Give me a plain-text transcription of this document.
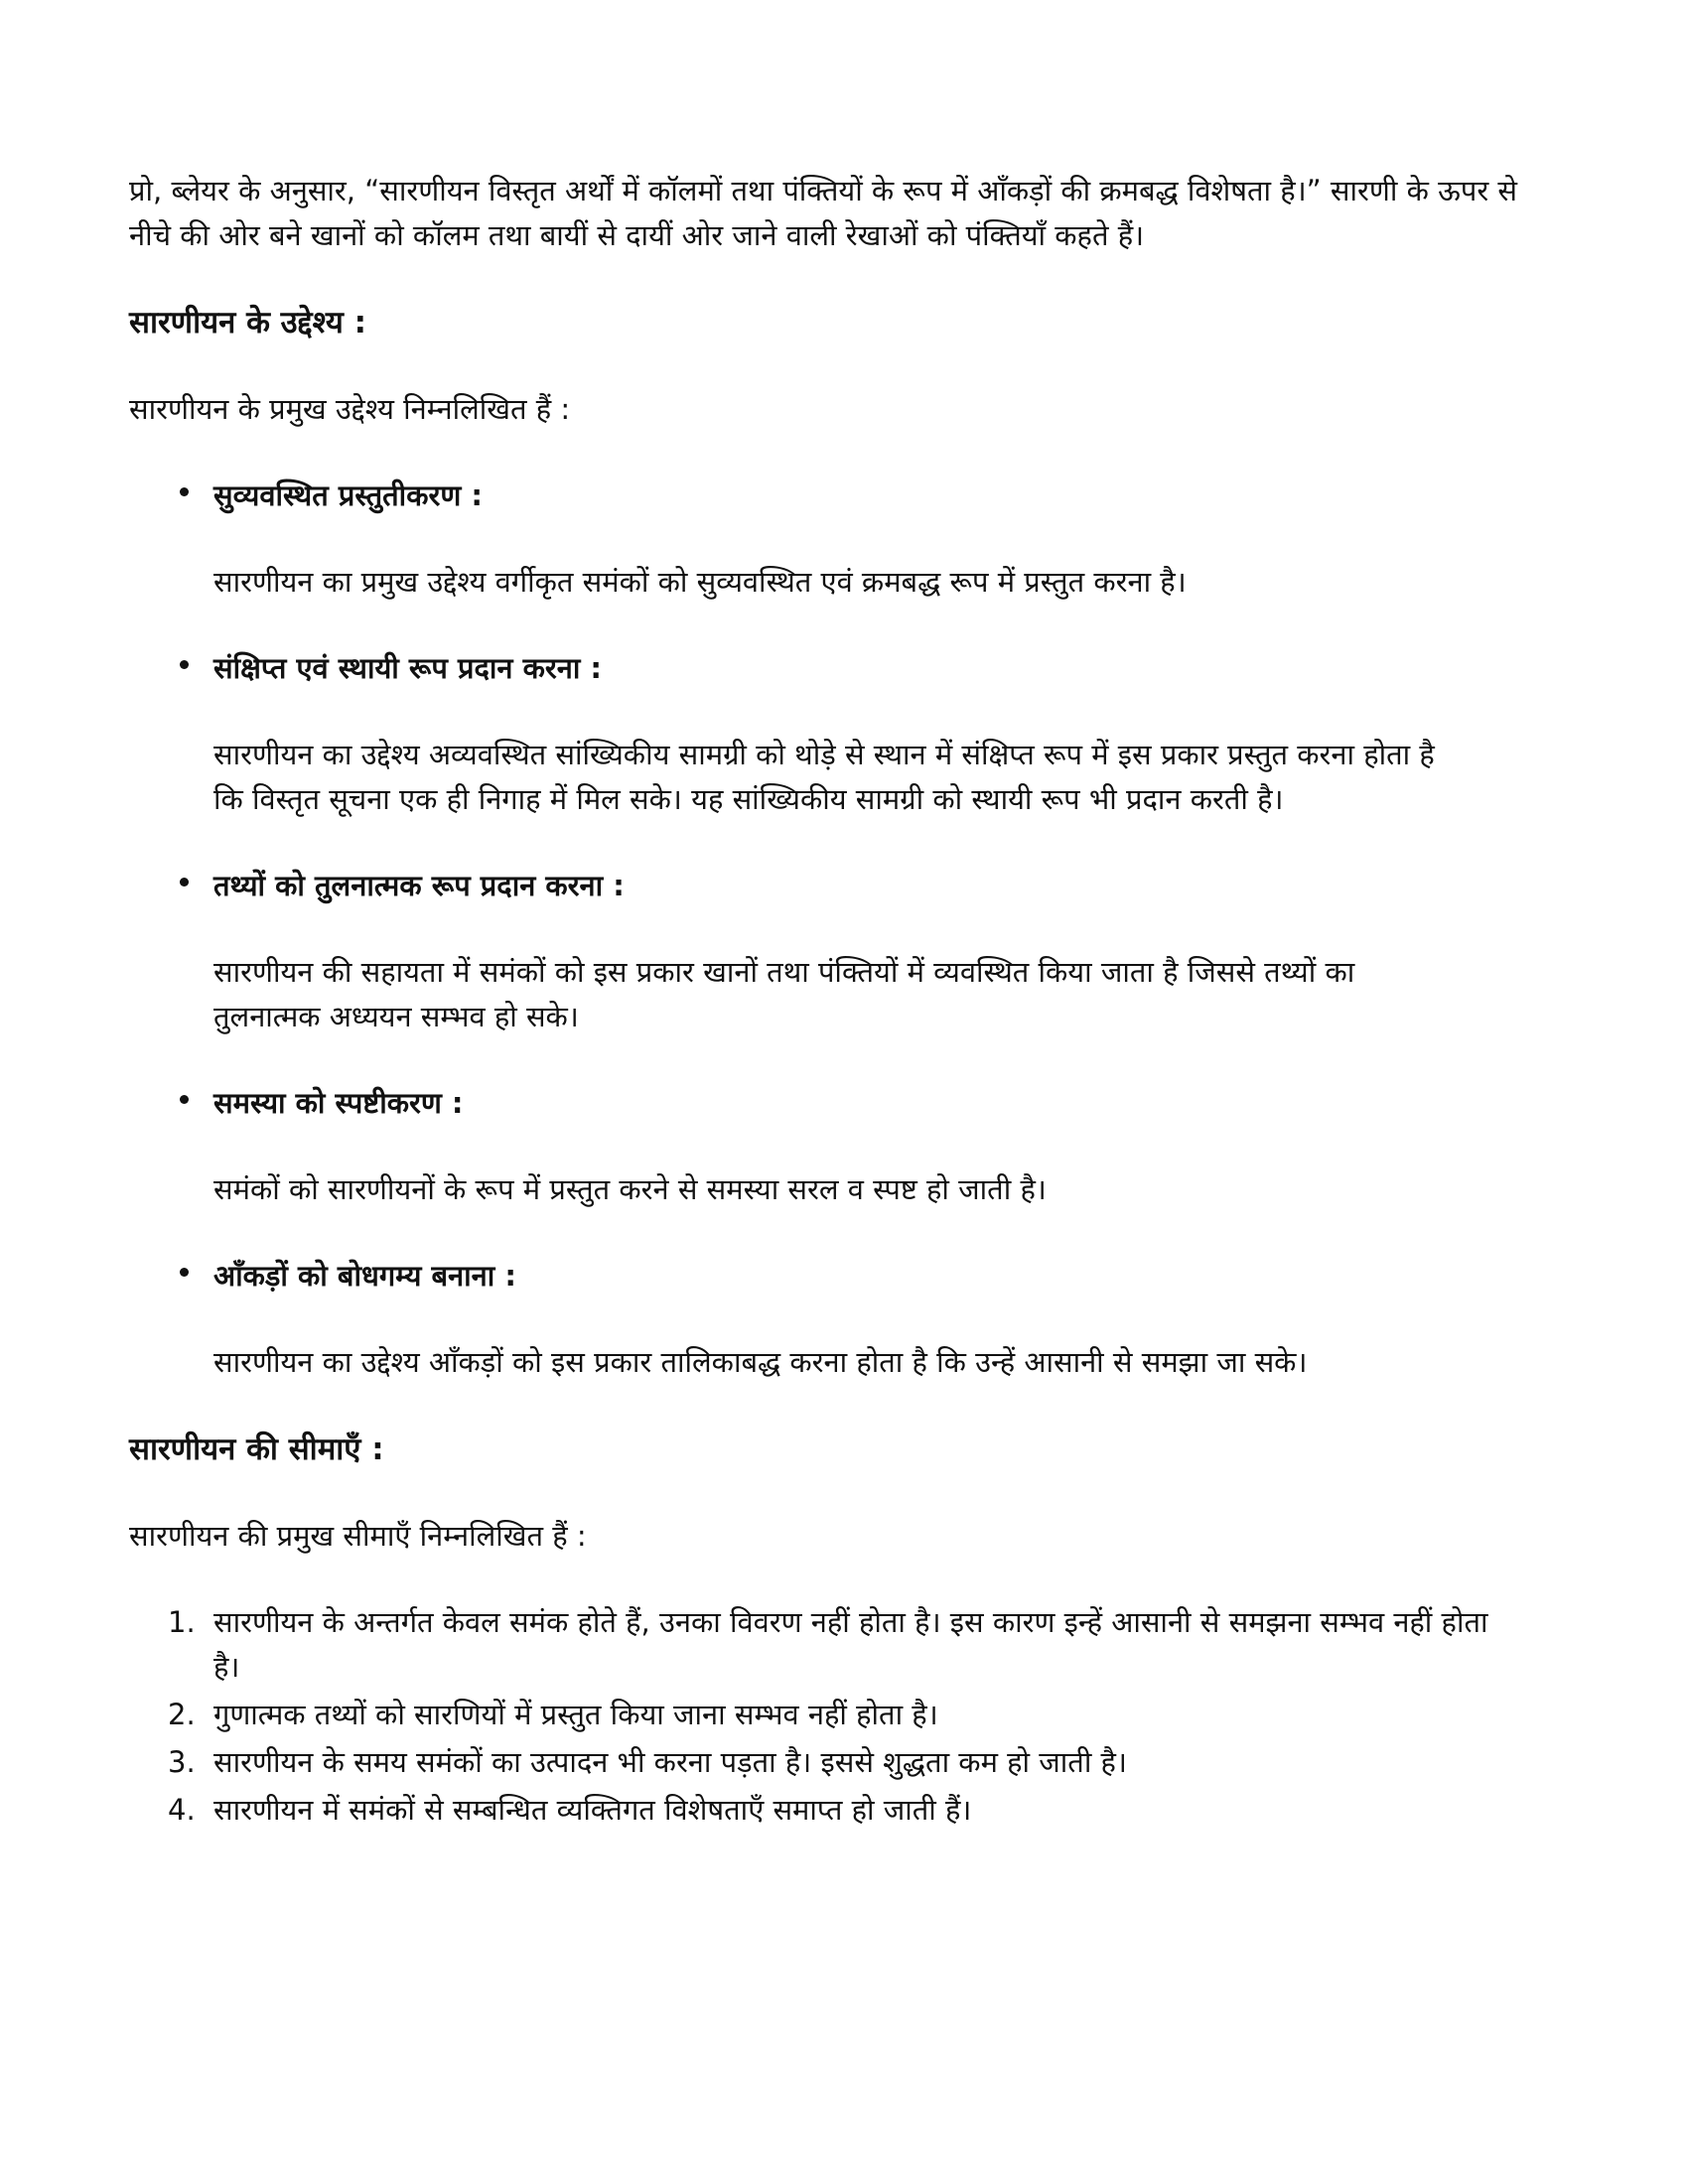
प्रो, ब्लेयर के अनुसार, “सारणीयन विस्तृत अर्थों में कॉलमों तथा पंक्तियों के रूप में आँकड़ों की क्रमबद्ध विशेषता है।” सारणी के ऊपर से नीचे की ओर बने खानों को कॉलम तथा बायीं से दायीं ओर जाने वाली रेखाओं को पंक्तियाँ कहते हैं।

सारणीयन के उद्देश्य :

सारणीयन के प्रमुख उद्देश्य निम्नलिखित हैं :

सुव्यवस्थित प्रस्तुतीकरण :

सारणीयन का प्रमुख उद्देश्य वर्गीकृत समंकों को सुव्यवस्थित एवं क्रमबद्ध रूप में प्रस्तुत करना है।

संक्षिप्त एवं स्थायी रूप प्रदान करना :

सारणीयन का उद्देश्य अव्यवस्थित सांख्यिकीय सामग्री को थोड़े से स्थान में संक्षिप्त रूप में इस प्रकार प्रस्तुत करना होता है कि विस्तृत सूचना एक ही निगाह में मिल सके। यह सांख्यिकीय सामग्री को स्थायी रूप भी प्रदान करती है।

तथ्यों को तुलनात्मक रूप प्रदान करना :

सारणीयन की सहायता में समंकों को इस प्रकार खानों तथा पंक्तियों में व्यवस्थित किया जाता है जिससे तथ्यों का तुलनात्मक अध्ययन सम्भव हो सके।

समस्या को स्पष्टीकरण :

समंकों को सारणीयनों के रूप में प्रस्तुत करने से समस्या सरल व स्पष्ट हो जाती है।

आँकड़ों को बोधगम्य बनाना :

सारणीयन का उद्देश्य आँकड़ों को इस प्रकार तालिकाबद्ध करना होता है कि उन्हें आसानी से समझा जा सके।

सारणीयन की सीमाएँ :

सारणीयन की प्रमुख सीमाएँ निम्नलिखित हैं :

सारणीयन के अन्तर्गत केवल समंक होते हैं, उनका विवरण नहीं होता है। इस कारण इन्हें आसानी से समझना सम्भव नहीं होता है।
गुणात्मक तथ्यों को सारणियों में प्रस्तुत किया जाना सम्भव नहीं होता है।
सारणीयन के समय समंकों का उत्पादन भी करना पड़ता है। इससे शुद्धता कम हो जाती है।
सारणीयन में समंकों से सम्बन्धित व्यक्तिगत विशेषताएँ समाप्त हो जाती हैं।
